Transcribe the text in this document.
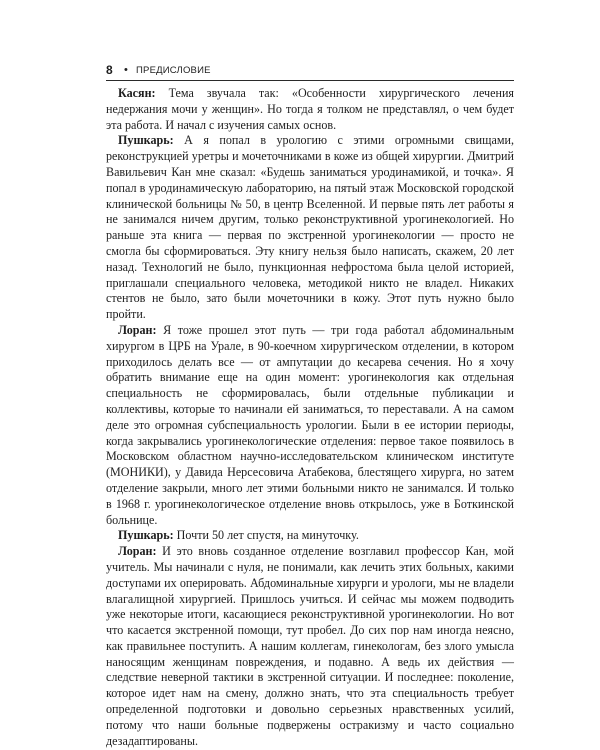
8 • ПРЕДИСЛОВИЕ

Касян: Тема звучала так: «Особенности хирургического лечения недержания мочи у женщин». Но тогда я толком не представлял, о чем будет эта работа. И начал с изучения самых основ.

Пушкарь: А я попал в урологию с этими огромными свищами, реконструкцией уретры и мочеточниками в коже из общей хирургии. Дмитрий Вавильевич Кан мне сказал: «Будешь заниматься уродинамикой, и точка». Я попал в уродинамическую лабораторию, на пятый этаж Московской городской клинической больницы № 50, в центр Вселенной. И первые пять лет работы я не занимался ничем другим, только реконструктивной урогинекологией. Но раньше эта книга — первая по экстренной урогинекологии — просто не смогла бы сформироваться. Эту книгу нельзя было написать, скажем, 20 лет назад. Технологий не было, пункционная нефростома была целой историей, приглашали специального человека, методикой никто не владел. Никаких стентов не было, зато были мочеточники в кожу. Этот путь нужно было пройти.

Лоран: Я тоже прошел этот путь — три года работал абдоминальным хирургом в ЦРБ на Урале, в 90-коечном хирургическом отделении, в котором приходилось делать все — от ампутации до кесарева сечения. Но я хочу обратить внимание еще на один момент: урогинекология как отдельная специальность не сформировалась, были отдельные публикации и коллективы, которые то начинали ей заниматься, то переставали. А на самом деле это огромная субспециальность урологии. Были в ее истории периоды, когда закрывались урогинекологические отделения: первое такое появилось в Московском областном научно-исследовательском клиническом институте (МОНИКИ), у Давида Нерсесовича Атабекова, блестящего хирурга, но затем отделение закрыли, много лет этими больными никто не занимался. И только в 1968 г. урогинекологическое отделение вновь открылось, уже в Боткинской больнице.

Пушкарь: Почти 50 лет спустя, на минуточку.

Лоран: И это вновь созданное отделение возглавил профессор Кан, мой учитель. Мы начинали с нуля, не понимали, как лечить этих больных, какими доступами их оперировать. Абдоминальные хирурги и урологи, мы не владели влагалищной хирургией. Пришлось учиться. И сейчас мы можем подводить уже некоторые итоги, касающиеся реконструктивной урогинекологии. Но вот что касается экстренной помощи, тут пробел. До сих пор нам иногда неясно, как правильнее поступить. А нашим коллегам, гинекологам, без злого умысла наносящим женщинам повреждения, и подавно. А ведь их действия — следствие неверной тактики в экстренной ситуации. И последнее: поколение, которое идет нам на смену, должно знать, что эта специальность требует определенной подготовки и довольно серьезных нравственных усилий, потому что наши больные подвержены остракизму и часто социально дезадаптированы.
